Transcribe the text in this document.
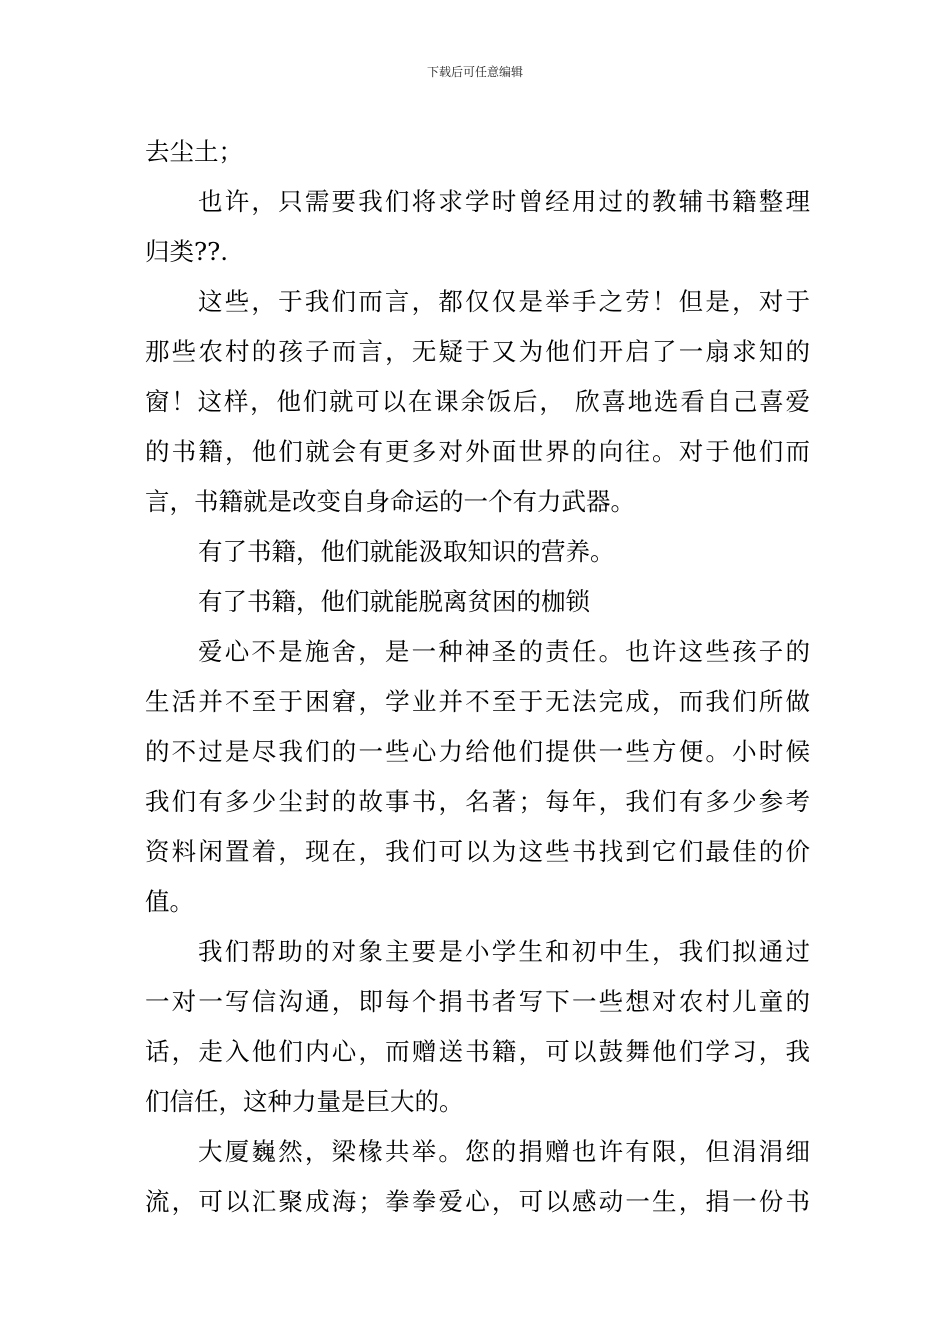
下载后可任意编辑
去尘土；
也许，只需要我们将求学时曾经用过的教辅书籍整理
归类??.
这些，于我们而言，都仅仅是举手之劳！但是，对于
那些农村的孩子而言，无疑于又为他们开启了一扇求知的
窗！这样，他们就可以在课余饭后， 欣喜地选看自己喜爱
的书籍，他们就会有更多对外面世界的向往。对于他们而
言，书籍就是改变自身命运的一个有力武器。
有了书籍，他们就能汲取知识的营养。
有了书籍，他们就能脱离贫困的枷锁
爱心不是施舍，是一种神圣的责任。也许这些孩子的
生活并不至于困窘，学业并不至于无法完成，而我们所做
的不过是尽我们的一些心力给他们提供一些方便。小时候
我们有多少尘封的故事书，名著；每年，我们有多少参考
资料闲置着，现在，我们可以为这些书找到它们最佳的价
值。
我们帮助的对象主要是小学生和初中生，我们拟通过
一对一写信沟通，即每个捐书者写下一些想对农村儿童的
话，走入他们内心，而赠送书籍，可以鼓舞他们学习，我
们信任，这种力量是巨大的。
大厦巍然，梁椽共举。您的捐赠也许有限，但涓涓细
流，可以汇聚成海；拳拳爱心，可以感动一生，捐一份书
